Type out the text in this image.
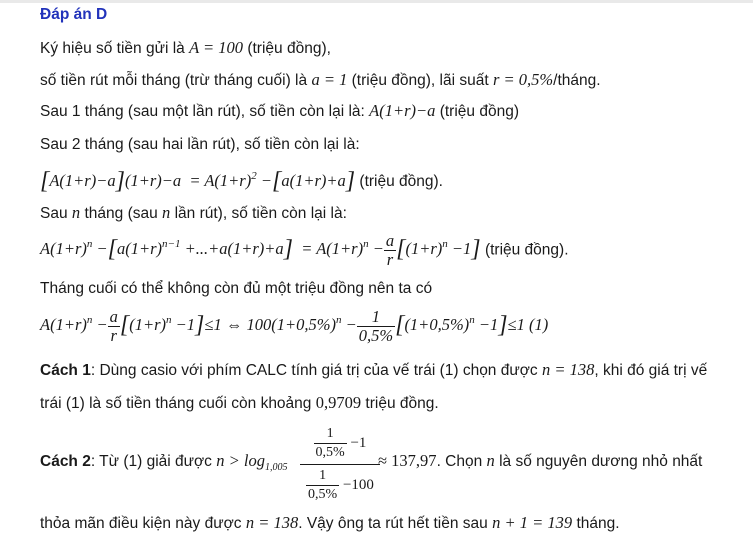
Đáp án D
Ký hiệu số tiền gửi là A = 100 (triệu đồng),
số tiền rút mỗi tháng (trừ tháng cuối) là a = 1 (triệu đồng), lãi suất r = 0,5%/tháng.
Sau 1 tháng (sau một lần rút), số tiền còn lại là: A(1+r)−a (triệu đồng)
Sau 2 tháng (sau hai lần rút), số tiền còn lại là:
$[A(1+r)-a](1+r)-a = A(1+r)^2 -[a(1+r)+a]$ (triệu đồng).
Sau n tháng (sau n lần rút), số tiền còn lại là:
$A(1+r)^n -[a(1+r)^{n-1} +...+a(1+r)+a] = A(1+r)^n - \frac{a}{r} [(1+r)^n -1]$ (triệu đồng).
Tháng cuối có thể không còn đủ một triệu đồng nên ta có
$A(1+r)^n - \frac{a}{r} [(1+r)^n -1]\le 1$ ⇔ $100(1+0,5\%)^n - \frac{1}{0,5\%} [(1+0,5\%)^n -1]\le 1$ (1)
Cách 1: Dùng casio với phím CALC tính giá trị của vế trái (1) chọn được n = 138, khi đó giá trị vế
trái (1) là số tiền tháng cuối còn khoảng 0,9709 triệu đồng.
Cách 2: Từ (1) giải được $n > \log_{1,005} \frac{\frac{1}{0,5\%} -1}{\frac{1}{0,5\%} -100}$
≈ 137,97. Chọn n là số nguyên dương nhỏ nhất
thỏa mãn điều kiện này được n = 138. Vậy ông ta rút hết tiền sau n + 1 = 139 tháng.
